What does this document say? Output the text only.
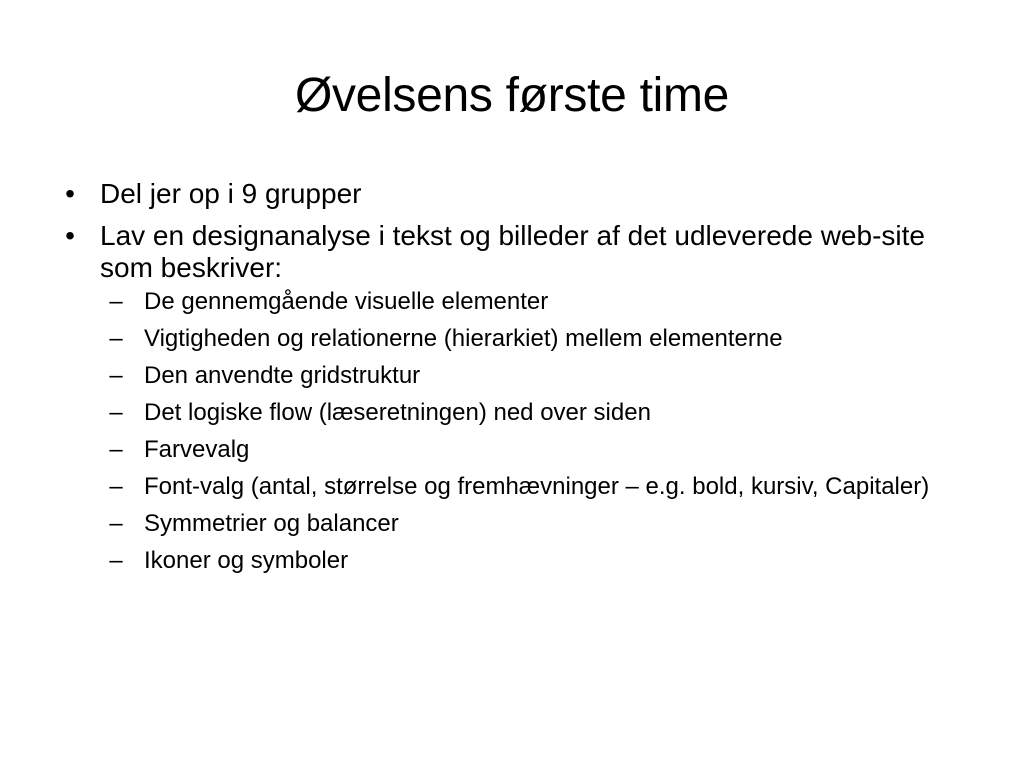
Øvelsens første time
• Del jer op i 9 grupper
• Lav en designanalyse i tekst og billeder af det udleverede web-site som beskriver:
– De gennemgående visuelle elementer
– Vigtigheden og relationerne (hierarkiet) mellem elementerne
– Den anvendte gridstruktur
– Det logiske flow (læseretningen) ned over siden
– Farvevalg
– Font-valg (antal, størrelse og fremhævninger – e.g. bold, kursiv, Capitaler)
– Symmetrier og balancer
– Ikoner og symboler
